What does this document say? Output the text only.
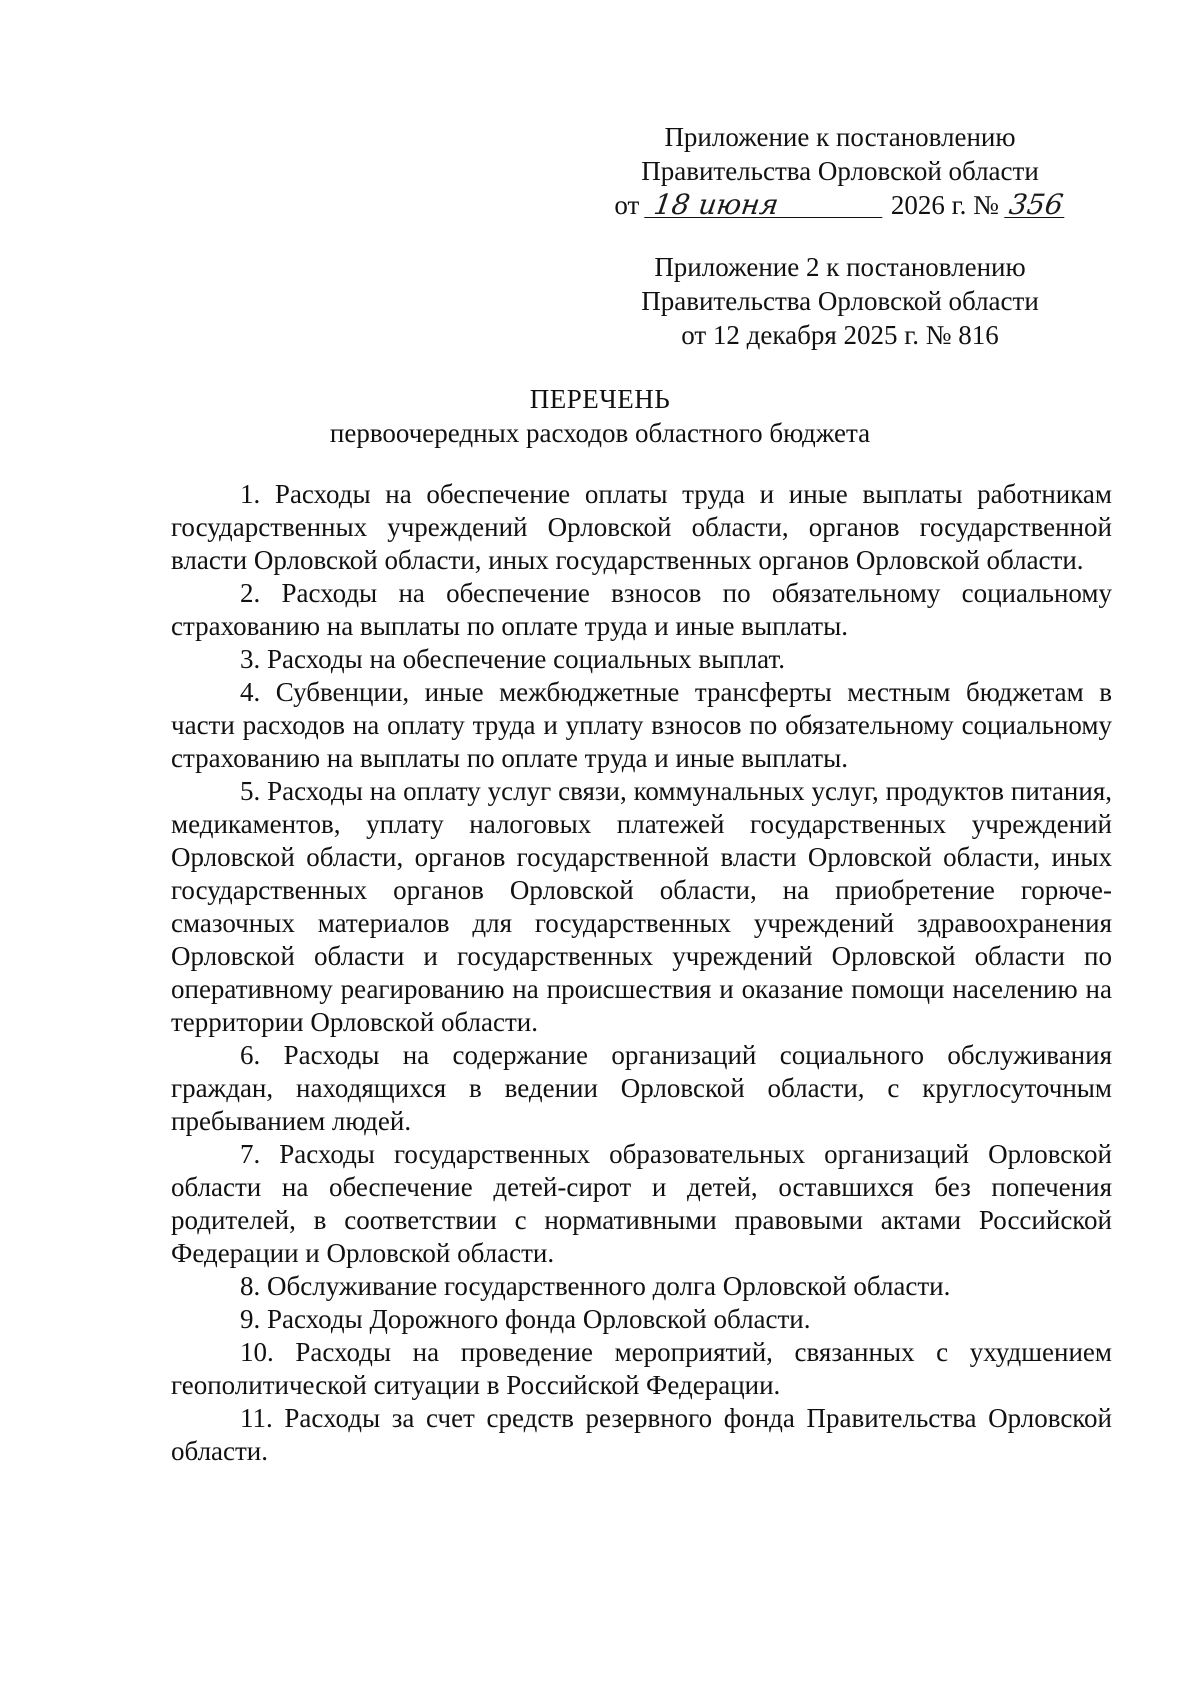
Приложение к постановлению
Правительства Орловской области
от 18 июня	2026 г. № 356
Приложение 2 к постановлению
Правительства Орловской области
от 12 декабря 2025 г. № 816
ПЕРЕЧЕНЬ
первоочередных расходов областного бюджета

1. Расходы на обеспечение оплаты труда и иные выплаты работникам государственных учреждений Орловской области, органов государственной власти Орловской области, иных государственных органов Орловской области.

2. Расходы на обеспечение взносов по обязательному социальному страхованию на выплаты по оплате труда и иные выплаты.

3. Расходы на обеспечение социальных выплат.

4. Субвенции, иные межбюджетные трансферты местным бюджетам в части расходов на оплату труда и уплату взносов по обязательному социальному страхованию на выплаты по оплате труда и иные выплаты.

5. Расходы на оплату услуг связи, коммунальных услуг, продуктов питания, медикаментов, уплату налоговых платежей государственных учреждений Орловской области, органов государственной власти Орловской области, иных государственных органов Орловской области, на приобретение горюче-смазочных материалов для государственных учреждений здравоохранения Орловской области и государственных учреждений Орловской области по оперативному реагированию на происшествия и оказание помощи населению на территории Орловской области.

6. Расходы на содержание организаций социального обслуживания граждан, находящихся в ведении Орловской области, с круглосуточным пребыванием людей.

7. Расходы государственных образовательных организаций Орловской области на обеспечение детей-сирот и детей, оставшихся без попечения родителей, в соответствии с нормативными правовыми актами Российской Федерации и Орловской области.

8. Обслуживание государственного долга Орловской области.

9. Расходы Дорожного фонда Орловской области.

10. Расходы на проведение мероприятий, связанных с ухудшением геополитической ситуации в Российской Федерации.

11. Расходы за счет средств резервного фонда Правительства Орловской области.
